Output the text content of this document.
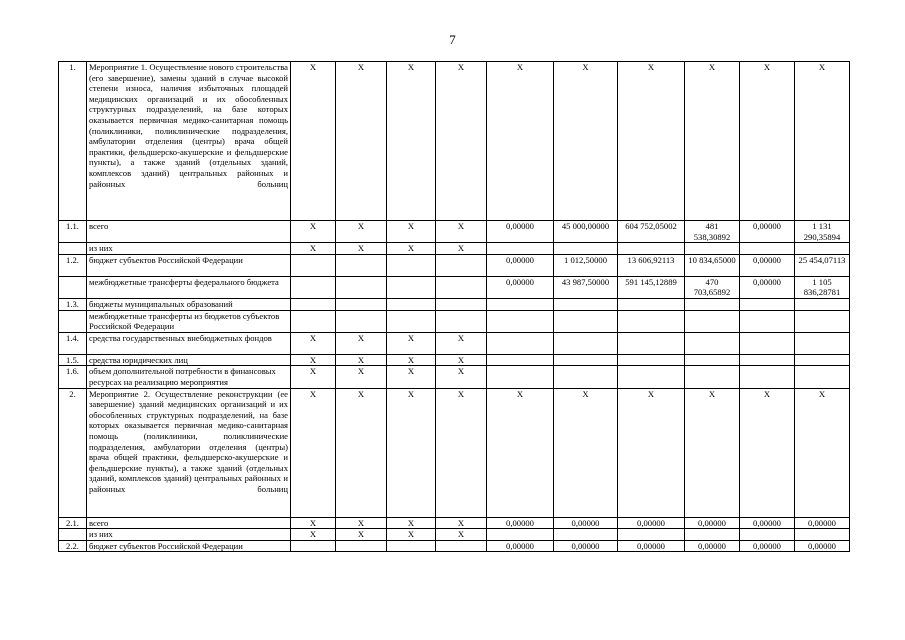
7
1.	Мероприятие 1. Осуществление нового строительства (его завершение), замены зданий в случае высокой степени износа, наличия избыточных площадей медицинских организаций и их обособленных структурных подразделений, на базе которых оказывается первичная медико-санитарная помощь (поликлиники, поликлинические подразделения, амбулатории отделения (центры) врача общей практики, фельдшерско-акушерские и фельдшерские пункты), а также зданий (отдельных зданий, комплексов зданий) центральных районных и районных больниц	X	X	X	X	X	X	X	X	X	X
1.1.	всего	X	X	X	X	0,00000	45 000,00000	604 752,05002	481 538,30892	0,00000	1 131 290,35894
	из них	X	X	X	X						
1.2.	бюджет субъектов Российской Федерации					0,00000	1 012,50000	13 606,92113	10 834,65000	0,00000	25 454,07113
	межбюджетные трансферты федерального бюджета					0,00000	43 987,50000	591 145,12889	470 703,65892	0,00000	1 105 836,28781
1.3.	бюджеты муниципальных образований										
	межбюджетные трансферты из бюджетов субъектов Российской Федерации										
1.4.	средства государственных внебюджетных фондов	X	X	X	X						
1.5.	средства юридических лиц	X	X	X	X						
1.6.	объем дополнительной потребности в финансовых ресурсах на реализацию мероприятия	X	X	X	X						
2.	Мероприятие 2. Осуществление реконструкции (ее завершение) зданий медицинских организаций и их обособленных структурных подразделений, на базе которых оказывается первичная медико-санитарная помощь (поликлиники, поликлинические подразделения, амбулатории отделения (центры) врача общей практики, фельдшерско-акушерские и фельдшерские пункты), а также зданий (отдельных зданий, комплексов зданий) центральных районных и районных больниц	X	X	X	X	X	X	X	X	X	X
2.1.	всего	X	X	X	X	0,00000	0,00000	0,00000	0,00000	0,00000	0,00000
	из них	X	X	X	X						
2.2.	бюджет субъектов Российской Федерации					0,00000	0,00000	0,00000	0,00000	0,00000	0,00000
